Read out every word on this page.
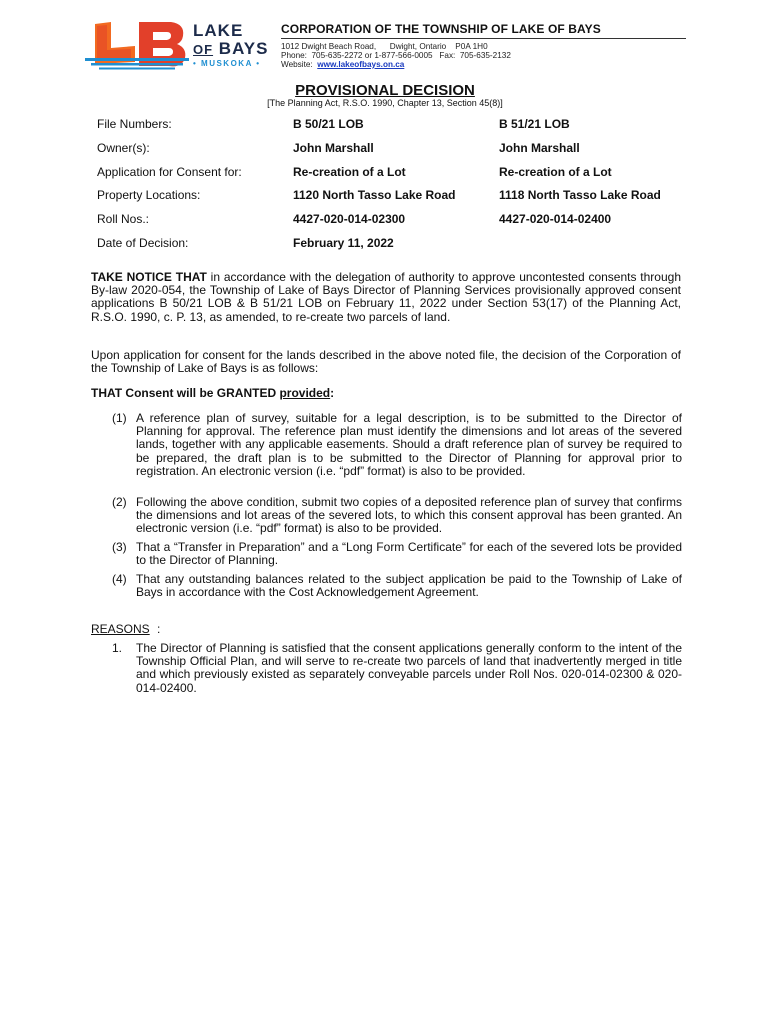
LAKE
OF BAYS
• MUSKOKA •
CORPORATION OF THE TOWNSHIP OF LAKE OF BAYS
1012 Dwight Beach Road,      Dwight, Ontario    P0A 1H0
Phone:  705-635-2272 or 1-877-566-0005   Fax:  705-635-2132
Website:  www.lakeofbays.on.ca
PROVISIONAL DECISION
[The Planning Act, R.S.O. 1990, Chapter 13, Section 45(8)]
File Numbers:	B 50/21 LOB	B 51/21 LOB
Owner(s):	John Marshall	John Marshall
Application for Consent for:	Re-creation of a Lot	Re-creation of a Lot
Property Locations:	1120 North Tasso Lake Road	1118 North Tasso Lake Road
Roll Nos.:	4427-020-014-02300	4427-020-014-02400
Date of Decision:	February 11, 2022
TAKE NOTICE THAT in accordance with the delegation of authority to approve uncontested consents through By-law 2020-054, the Township of Lake of Bays Director of Planning Services provisionally approved consent applications B 50/21 LOB & B 51/21 LOB on February 11, 2022 under Section 53(17) of the Planning Act, R.S.O. 1990, c. P. 13, as amended, to re-create two parcels of land.
Upon application for consent for the lands described in the above noted file, the decision of the Corporation of the Township of Lake of Bays is as follows:
THAT Consent will be GRANTED provided:
(1) A reference plan of survey, suitable for a legal description, is to be submitted to the Director of Planning for approval. The reference plan must identify the dimensions and lot areas of the severed lands, together with any applicable easements. Should a draft reference plan of survey be required to be prepared, the draft plan is to be submitted to the Director of Planning for approval prior to registration. An electronic version (i.e. “pdf” format) is also to be provided.
(2) Following the above condition, submit two copies of a deposited reference plan of survey that confirms the dimensions and lot areas of the severed lots, to which this consent approval has been granted. An electronic version (i.e. “pdf” format) is also to be provided.
(3) That a “Transfer in Preparation” and a “Long Form Certificate” for each of the severed lots be provided to the Director of Planning.
(4) That any outstanding balances related to the subject application be paid to the Township of Lake of Bays in accordance with the Cost Acknowledgement Agreement.
REASONS :
1.	The Director of Planning is satisfied that the consent applications generally conform to the intent of the Township Official Plan, and will serve to re-create two parcels of land that inadvertently merged in title and which previously existed as separately conveyable parcels under Roll Nos. 020-014-02300 & 020-014-02400.
